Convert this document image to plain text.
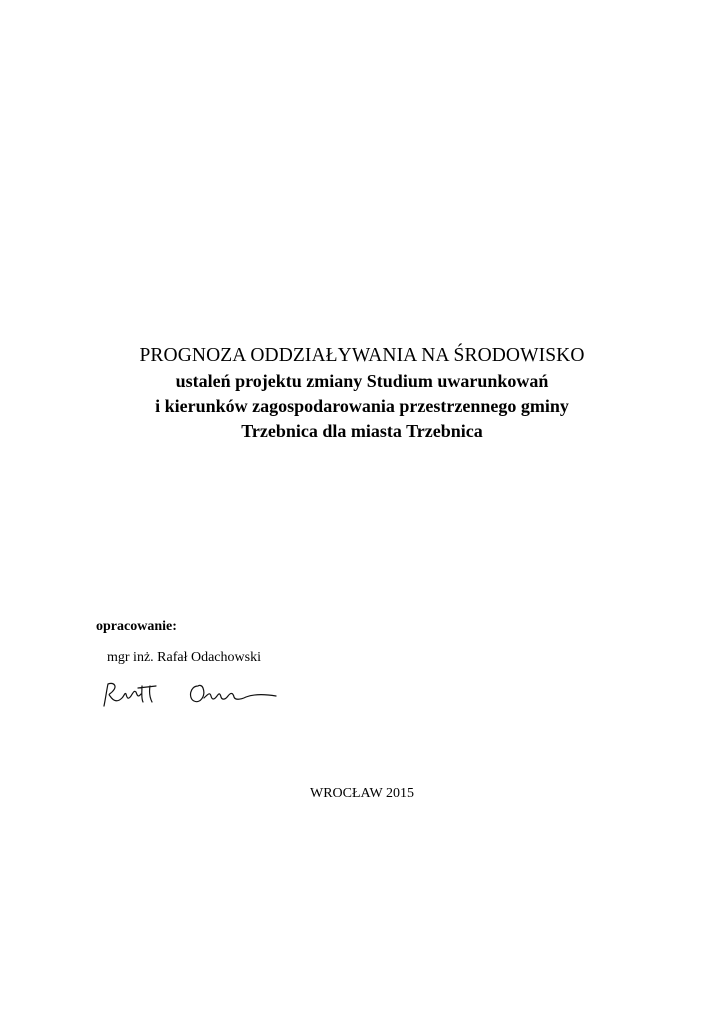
PROGNOZA ODDZIAŁYWANIA NA ŚRODOWISKO
ustaleń projektu zmiany Studium uwarunkowań
i kierunków zagospodarowania przestrzennego gminy
Trzebnica dla miasta Trzebnica
opracowanie:
mgr inż. Rafał Odachowski
WROCŁAW 2015
